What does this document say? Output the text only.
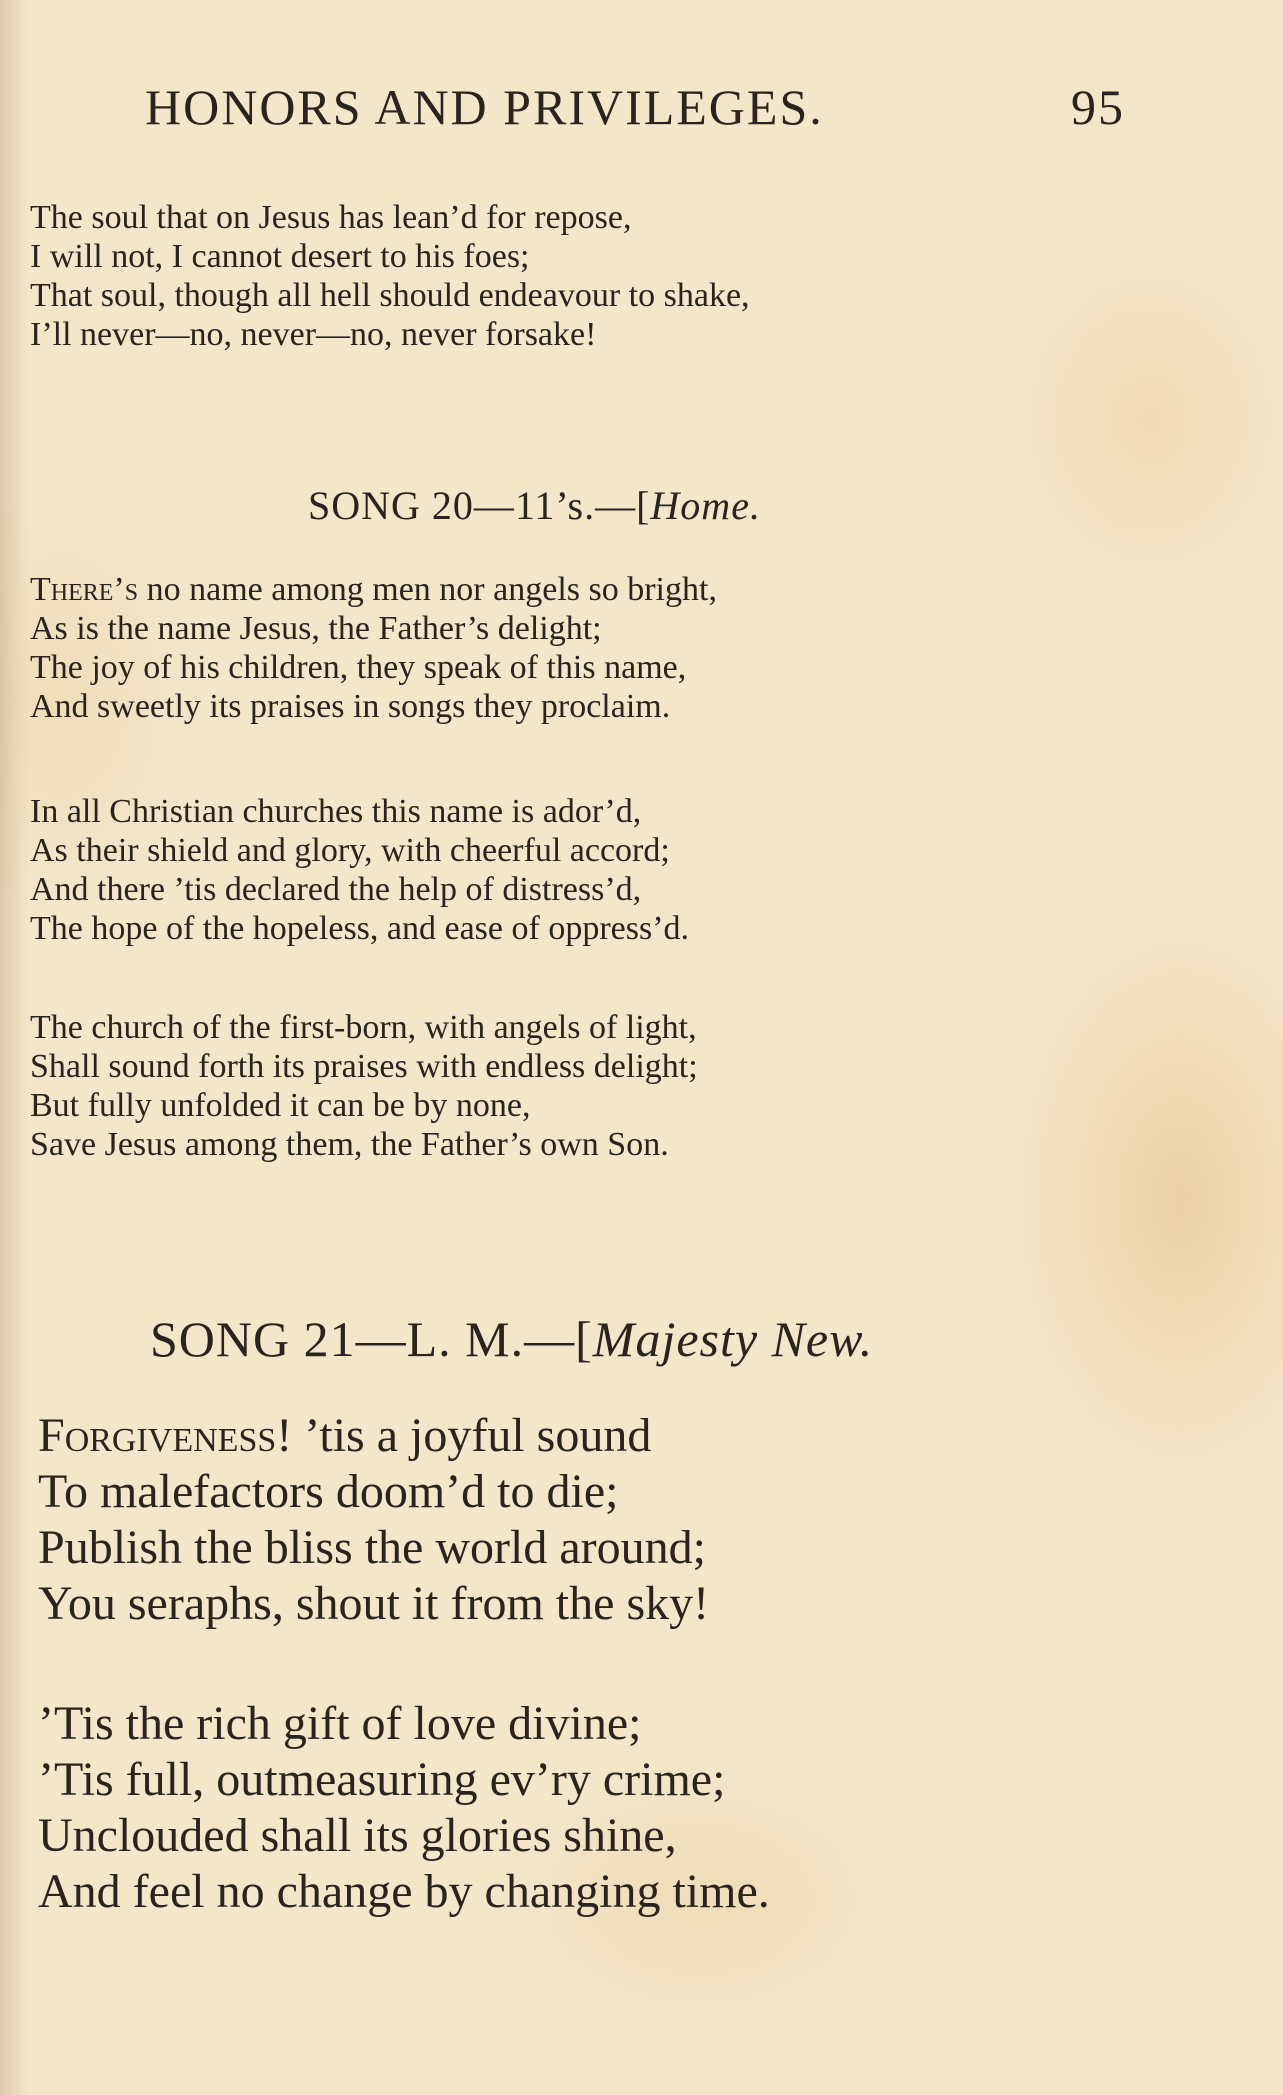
HONORS AND PRIVILEGES.	95
The soul that on Jesus has lean’d for repose,
I will not, I cannot desert to his foes;
That soul, though all hell should endeavour to shake,
I’ll never—no, never—no, never forsake!
SONG 20—11’s.—[Home.
There’s no name among men nor angels so bright,
As is the name Jesus, the Father’s delight;
The joy of his children, they speak of this name,
And sweetly its praises in songs they proclaim.
In all Christian churches this name is ador’d,
As their shield and glory, with cheerful accord;
And there ’tis declared the help of distress’d,
The hope of the hopeless, and ease of oppress’d.
The church of the first-born, with angels of light,
Shall sound forth its praises with endless delight;
But fully unfolded it can be by none,
Save Jesus among them, the Father’s own Son.
SONG 21—L. M.—[Majesty New.
Forgiveness! ’tis a joyful sound
To malefactors doom’d to die;
Publish the bliss the world around;
You seraphs, shout it from the sky!
’Tis the rich gift of love divine;
’Tis full, outmeasuring ev’ry crime;
Unclouded shall its glories shine,
And feel no change by changing time.
